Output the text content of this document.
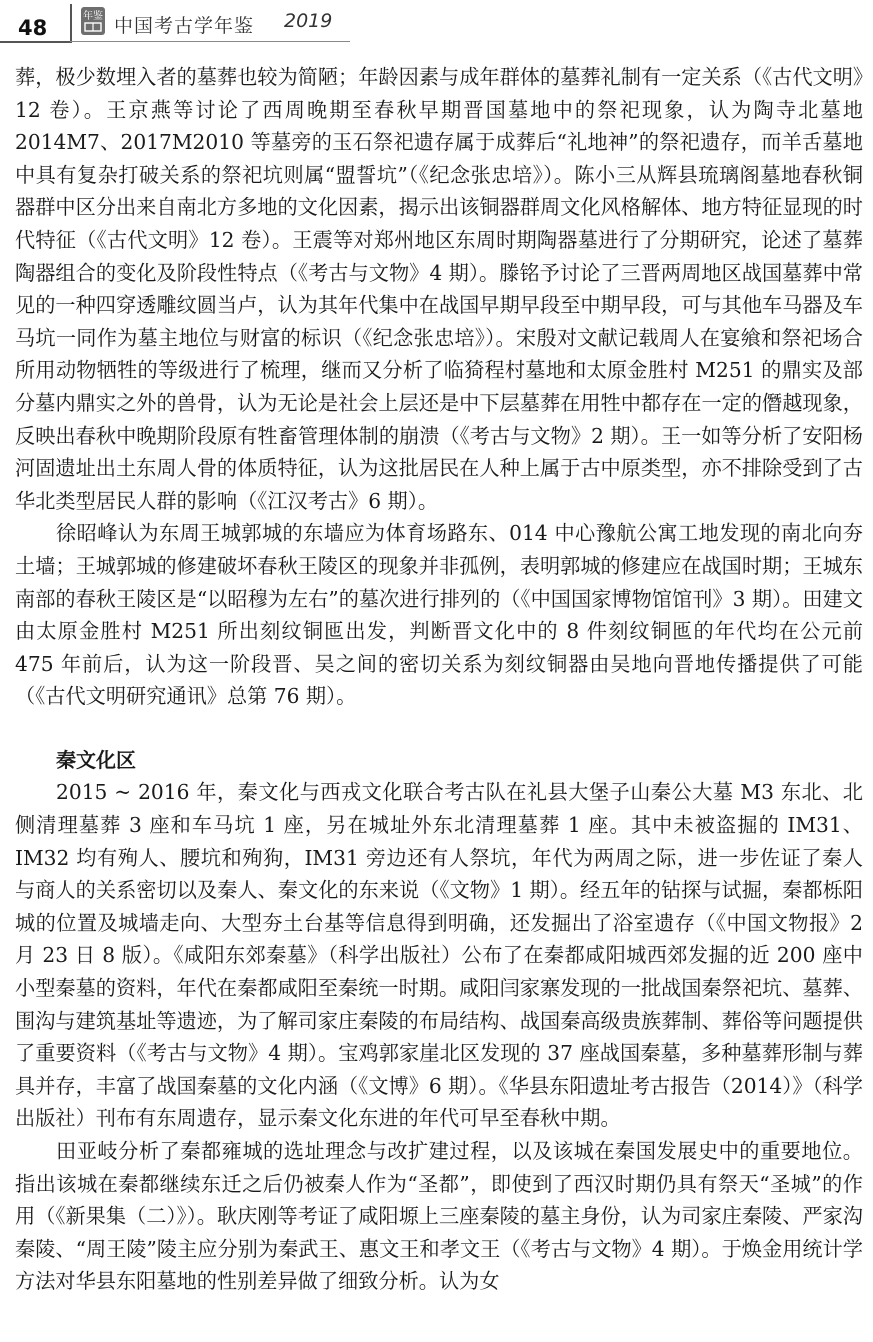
48	年鉴 中国考古学年鉴 2019

葬，极少数埋入者的墓葬也较为简陋；年龄因素与成年群体的墓葬礼制有一定关系（《古代文明》12 卷）。王京燕等讨论了西周晚期至春秋早期晋国墓地中的祭祀现象，认为陶寺北墓地 2014M7、2017M2010 等墓旁的玉石祭祀遗存属于成葬后“礼地神”的祭祀遗存，而羊舌墓地中具有复杂打破关系的祭祀坑则属“盟誓坑”（《纪念张忠培》）。陈小三从辉县琉璃阁墓地春秋铜器群中区分出来自南北方多地的文化因素，揭示出该铜器群周文化风格解体、地方特征显现的时代特征（《古代文明》12 卷）。王震等对郑州地区东周时期陶器墓进行了分期研究，论述了墓葬陶器组合的变化及阶段性特点（《考古与文物》4 期）。滕铭予讨论了三晋两周地区战国墓葬中常见的一种四穿透雕纹圆当卢，认为其年代集中在战国早期早段至中期早段，可与其他车马器及车马坑一同作为墓主地位与财富的标识（《纪念张忠培》）。宋殷对文献记载周人在宴飨和祭祀场合所用动物牺牲的等级进行了梳理，继而又分析了临猗程村墓地和太原金胜村 M251 的鼎实及部分墓内鼎实之外的兽骨，认为无论是社会上层还是中下层墓葬在用牲中都存在一定的僭越现象，反映出春秋中晚期阶段原有牲畜管理体制的崩溃（《考古与文物》2 期）。王一如等分析了安阳杨河固遗址出土东周人骨的体质特征，认为这批居民在人种上属于古中原类型，亦不排除受到了古华北类型居民人群的影响（《江汉考古》6 期）。

徐昭峰认为东周王城郭城的东墙应为体育场路东、014 中心豫航公寓工地发现的南北向夯土墙；王城郭城的修建破坏春秋王陵区的现象并非孤例，表明郭城的修建应在战国时期；王城东南部的春秋王陵区是“以昭穆为左右”的墓次进行排列的（《中国国家博物馆馆刊》3 期）。田建文由太原金胜村 M251 所出刻纹铜匜出发，判断晋文化中的 8 件刻纹铜匜的年代均在公元前 475 年前后，认为这一阶段晋、吴之间的密切关系为刻纹铜器由吴地向晋地传播提供了可能（《古代文明研究通讯》总第 76 期）。

秦文化区

2015 ~ 2016 年，秦文化与西戎文化联合考古队在礼县大堡子山秦公大墓 M3 东北、北侧清理墓葬 3 座和车马坑 1 座，另在城址外东北清理墓葬 1 座。其中未被盗掘的 IM31、IM32 均有殉人、腰坑和殉狗，IM31 旁边还有人祭坑，年代为两周之际，进一步佐证了秦人与商人的关系密切以及秦人、秦文化的东来说（《文物》1 期）。经五年的钻探与试掘，秦都栎阳城的位置及城墙走向、大型夯土台基等信息得到明确，还发掘出了浴室遗存（《中国文物报》2 月 23 日 8 版）。《咸阳东郊秦墓》（科学出版社）公布了在秦都咸阳城西郊发掘的近 200 座中小型秦墓的资料，年代在秦都咸阳至秦统一时期。咸阳闫家寨发现的一批战国秦祭祀坑、墓葬、围沟与建筑基址等遗迹，为了解司家庄秦陵的布局结构、战国秦高级贵族葬制、葬俗等问题提供了重要资料（《考古与文物》4 期）。宝鸡郭家崖北区发现的 37 座战国秦墓，多种墓葬形制与葬具并存，丰富了战国秦墓的文化内涵（《文博》6 期）。《华县东阳遗址考古报告（2014）》（科学出版社）刊布有东周遗存，显示秦文化东进的年代可早至春秋中期。

田亚岐分析了秦都雍城的选址理念与改扩建过程，以及该城在秦国发展史中的重要地位。指出该城在秦都继续东迁之后仍被秦人作为“圣都”，即使到了西汉时期仍具有祭天“圣城”的作用（《新果集（二）》）。耿庆刚等考证了咸阳塬上三座秦陵的墓主身份，认为司家庄秦陵、严家沟秦陵、“周王陵”陵主应分别为秦武王、惠文王和孝文王（《考古与文物》4 期）。于焕金用统计学方法对华县东阳墓地的性别差异做了细致分析。认为女
